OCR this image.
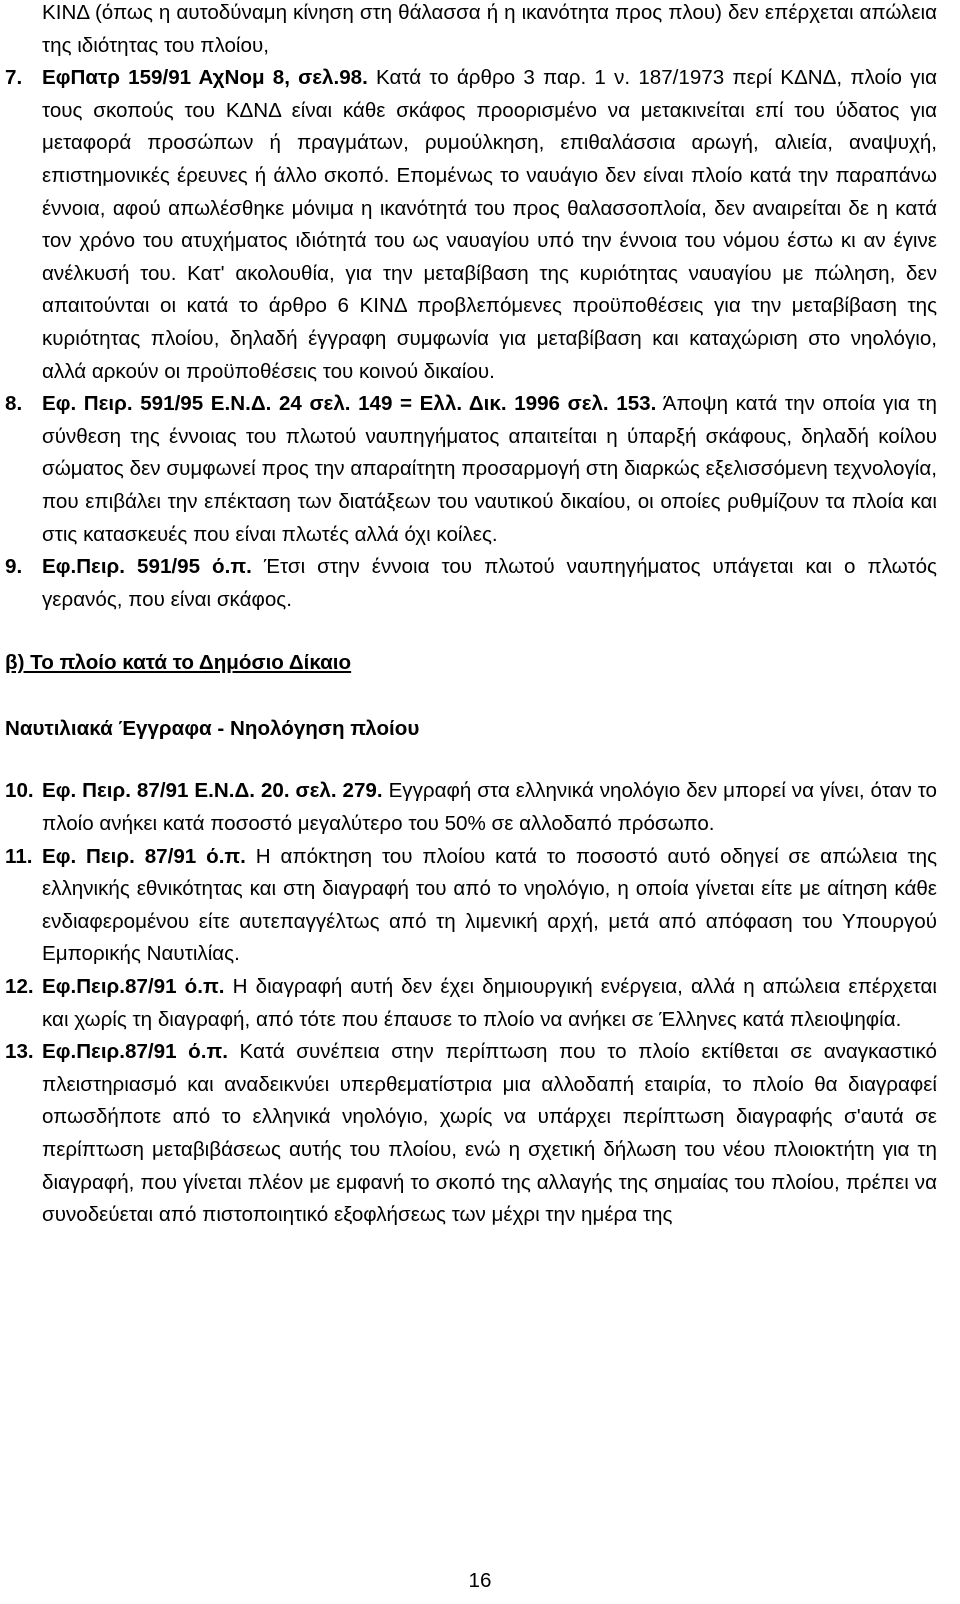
ΚΙΝΔ (όπως η αυτοδύναμη κίνηση στη θάλασσα ή η ικανότητα προς πλου) δεν επέρχεται απώλεια της ιδιότητας του πλοίου,
7. ΕφΠατρ 159/91 ΑχΝομ 8, σελ.98. Κατά το άρθρο 3 παρ. 1 ν. 187/1973 περί ΚΔΝΔ, πλοίο για τους σκοπούς του ΚΔΝΔ είναι κάθε σκάφος προορισμένο να μετακινείται επί του ύδατος για μεταφορά προσώπων ή πραγμάτων, ρυμούλκηση, επιθαλάσσια αρωγή, αλιεία, αναψυχή, επιστημονικές έρευνες ή άλλο σκοπό. Επομένως το ναυάγιο δεν είναι πλοίο κατά την παραπάνω έννοια, αφού απωλέσθηκε μόνιμα η ικανότητά του προς θαλασσοπλοία, δεν αναιρείται δε η κατά τον χρόνο του ατυχήματος ιδιότητά του ως ναυαγίου υπό την έννοια του νόμου έστω κι αν έγινε ανέλκυσή του. Κατ' ακολουθία, για την μεταβίβαση της κυριότητας ναυαγίου με πώληση, δεν απαιτούνται οι κατά το άρθρο 6 ΚΙΝΔ προβλεπόμενες προϋποθέσεις για την μεταβίβαση της κυριότητας πλοίου, δηλαδή έγγραφη συμφωνία για μεταβίβαση και καταχώριση στο νηολόγιο, αλλά αρκούν οι προϋποθέσεις του κοινού δικαίου.
8. Εφ. Πειρ. 591/95 Ε.Ν.Δ. 24 σελ. 149 = Ελλ. Δικ. 1996 σελ. 153. Άποψη κατά την οποία για τη σύνθεση της έννοιας του πλωτού ναυπηγήματος απαιτείται η ύπαρξή σκάφους, δηλαδή κοίλου σώματος δεν συμφωνεί προς την απαραίτητη προσαρμογή στη διαρκώς εξελισσόμενη τεχνολογία, που επιβάλει την επέκταση των διατάξεων του ναυτικού δικαίου, οι οποίες ρυθμίζουν τα πλοία και στις κατασκευές που είναι πλωτές αλλά όχι κοίλες.
9. Εφ.Πειρ. 591/95 ό.π. Έτσι στην έννοια του πλωτού ναυπηγήματος υπάγεται και ο πλωτός γερανός, που είναι σκάφος.
β) Το πλοίο κατά το Δημόσιο Δίκαιο
Ναυτιλιακά Έγγραφα - Νηολόγηση πλοίου
10. Εφ. Πειρ. 87/91 Ε.Ν.Δ. 20. σελ. 279. Εγγραφή στα ελληνικά νηολόγιο δεν μπορεί να γίνει, όταν το πλοίο ανήκει κατά ποσοστό μεγαλύτερο του 50% σε αλλοδαπό πρόσωπο.
11. Εφ. Πειρ. 87/91 ό.π. Η απόκτηση του πλοίου κατά το ποσοστό αυτό οδηγεί σε απώλεια της ελληνικής εθνικότητας και στη διαγραφή του από το νηολόγιο, η οποία γίνεται είτε με αίτηση κάθε ενδιαφερομένου είτε αυτεπαγγέλτως από τη λιμενική αρχή, μετά από απόφαση του Υπουργού Εμπορικής Ναυτιλίας.
12. Εφ.Πειρ.87/91 ό.π. Η διαγραφή αυτή δεν έχει δημιουργική ενέργεια, αλλά η απώλεια επέρχεται και χωρίς τη διαγραφή, από τότε που έπαυσε το πλοίο να ανήκει σε Έλληνες κατά πλειοψηφία.
13. Εφ.Πειρ.87/91 ό.π. Κατά συνέπεια στην περίπτωση που το πλοίο εκτίθεται σε αναγκαστικό πλειστηριασμό και αναδεικνύει υπερθεματίστρια μια αλλοδαπή εταιρία, το πλοίο θα διαγραφεί οπωσδήποτε από το ελληνικά νηολόγιο, χωρίς να υπάρχει περίπτωση διαγραφής σ'αυτά σε περίπτωση μεταβιβάσεως αυτής του πλοίου, ενώ η σχετική δήλωση του νέου πλοιοκτήτη για τη διαγραφή, που γίνεται πλέον με εμφανή το σκοπό της αλλαγής της σημαίας του πλοίου, πρέπει να συνοδεύεται από πιστοποιητικό εξοφλήσεως των μέχρι την ημέρα της
16
